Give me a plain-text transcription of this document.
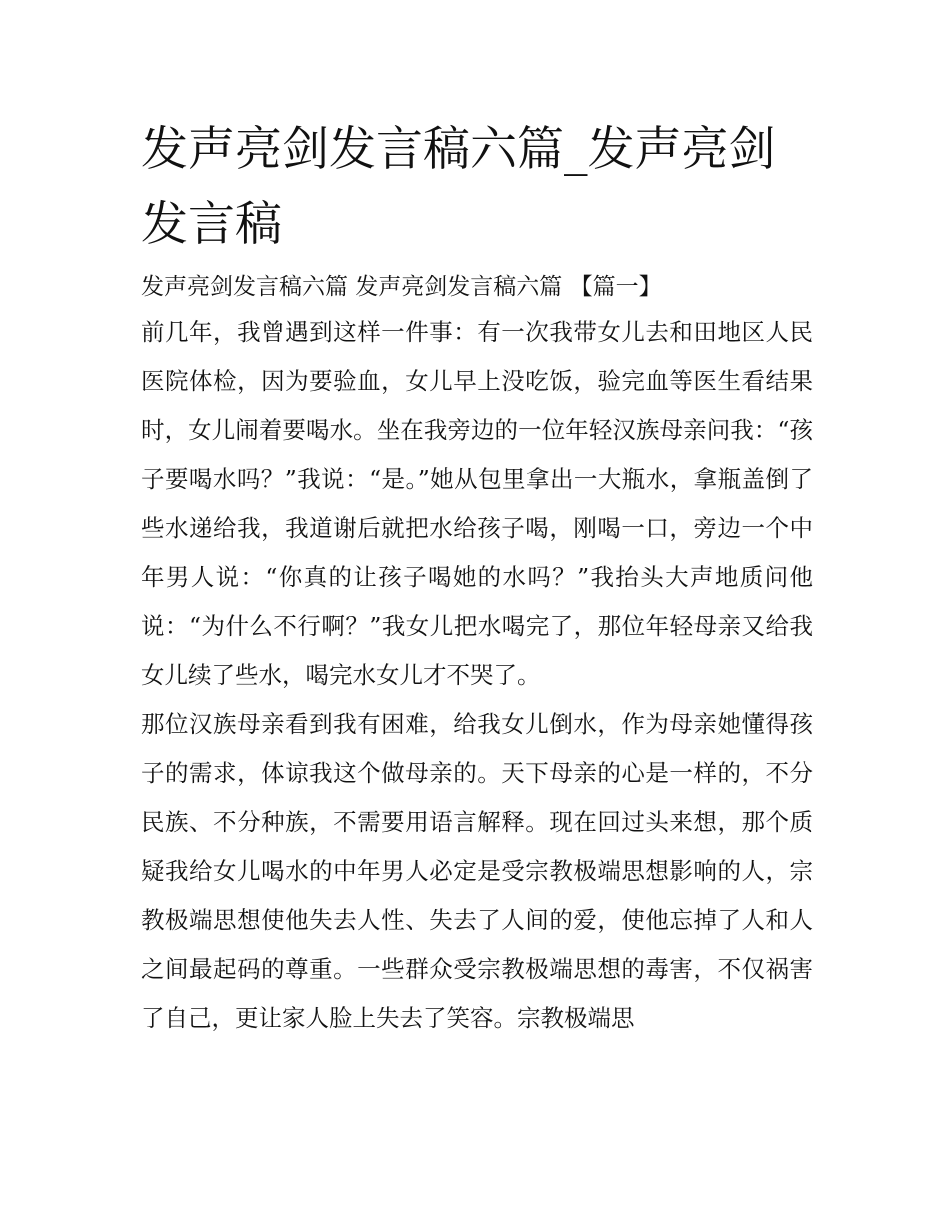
发声亮剑发言稿六篇_发声亮剑发言稿

发声亮剑发言稿六篇 发声亮剑发言稿六篇 【篇一】

前几年，我曾遇到这样一件事：有一次我带女儿去和田地区人民医院体检，因为要验血，女儿早上没吃饭，验完血等医生看结果时，女儿闹着要喝水。坐在我旁边的一位年轻汉族母亲问我：“孩子要喝水吗？”我说：“是。”她从包里拿出一大瓶水，拿瓶盖倒了些水递给我，我道谢后就把水给孩子喝，刚喝一口，旁边一个中年男人说：“你真的让孩子喝她的水吗？”我抬头大声地质问他说：“为什么不行啊？”我女儿把水喝完了，那位年轻母亲又给我女儿续了些水，喝完水女儿才不哭了。

那位汉族母亲看到我有困难，给我女儿倒水，作为母亲她懂得孩子的需求，体谅我这个做母亲的。天下母亲的心是一样的，不分民族、不分种族，不需要用语言解释。现在回过头来想，那个质疑我给女儿喝水的中年男人必定是受宗教极端思想影响的人，宗教极端思想使他失去人性、失去了人间的爱，使他忘掉了人和人之间最起码的尊重。一些群众受宗教极端思想的毒害，不仅祸害了自己，更让家人脸上失去了笑容。宗教极端思
